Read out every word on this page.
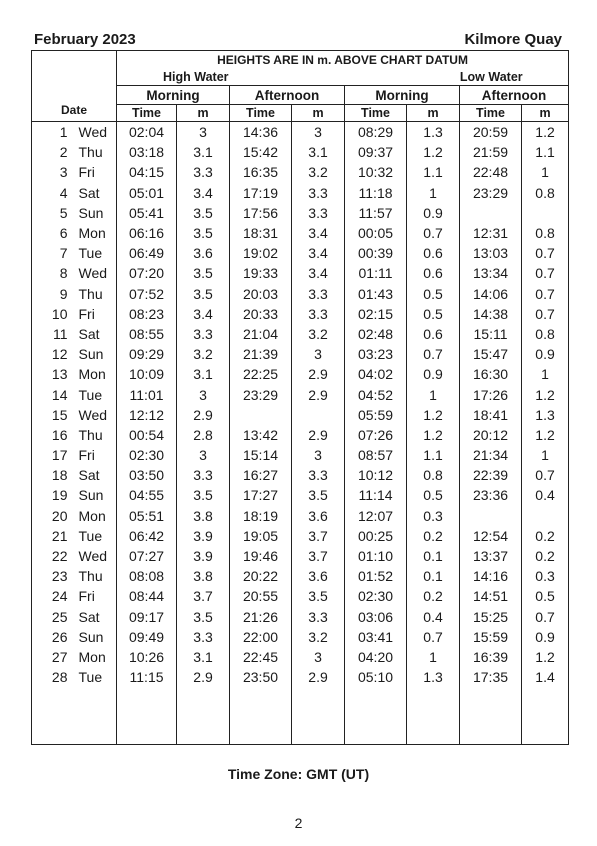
February 2023	Kilmore Quay
Date		HEIGHTS ARE IN m. ABOVE CHART DATUM							
		High Water				Low Water			
		Morning		Afternoon		Morning		Afternoon	
		Time	m	Time	m	Time	m	Time	m
1	Wed	02:04	3	14:36	3	08:29	1.3	20:59	1.2
2	Thu	03:18	3.1	15:42	3.1	09:37	1.2	21:59	1.1
3	Fri	04:15	3.3	16:35	3.2	10:32	1.1	22:48	1
4	Sat	05:01	3.4	17:19	3.3	11:18	1	23:29	0.8
5	Sun	05:41	3.5	17:56	3.3	11:57	0.9		
6	Mon	06:16	3.5	18:31	3.4	00:05	0.7	12:31	0.8
7	Tue	06:49	3.6	19:02	3.4	00:39	0.6	13:03	0.7
8	Wed	07:20	3.5	19:33	3.4	01:11	0.6	13:34	0.7
9	Thu	07:52	3.5	20:03	3.3	01:43	0.5	14:06	0.7
10	Fri	08:23	3.4	20:33	3.3	02:15	0.5	14:38	0.7
11	Sat	08:55	3.3	21:04	3.2	02:48	0.6	15:11	0.8
12	Sun	09:29	3.2	21:39	3	03:23	0.7	15:47	0.9
13	Mon	10:09	3.1	22:25	2.9	04:02	0.9	16:30	1
14	Tue	11:01	3	23:29	2.9	04:52	1	17:26	1.2
15	Wed	12:12	2.9			05:59	1.2	18:41	1.3
16	Thu	00:54	2.8	13:42	2.9	07:26	1.2	20:12	1.2
17	Fri	02:30	3	15:14	3	08:57	1.1	21:34	1
18	Sat	03:50	3.3	16:27	3.3	10:12	0.8	22:39	0.7
19	Sun	04:55	3.5	17:27	3.5	11:14	0.5	23:36	0.4
20	Mon	05:51	3.8	18:19	3.6	12:07	0.3		
21	Tue	06:42	3.9	19:05	3.7	00:25	0.2	12:54	0.2
22	Wed	07:27	3.9	19:46	3.7	01:10	0.1	13:37	0.2
23	Thu	08:08	3.8	20:22	3.6	01:52	0.1	14:16	0.3
24	Fri	08:44	3.7	20:55	3.5	02:30	0.2	14:51	0.5
25	Sat	09:17	3.5	21:26	3.3	03:06	0.4	15:25	0.7
26	Sun	09:49	3.3	22:00	3.2	03:41	0.7	15:59	0.9
27	Mon	10:26	3.1	22:45	3	04:20	1	16:39	1.2
28	Tue	11:15	2.9	23:50	2.9	05:10	1.3	17:35	1.4

Time Zone: GMT (UT)
2
